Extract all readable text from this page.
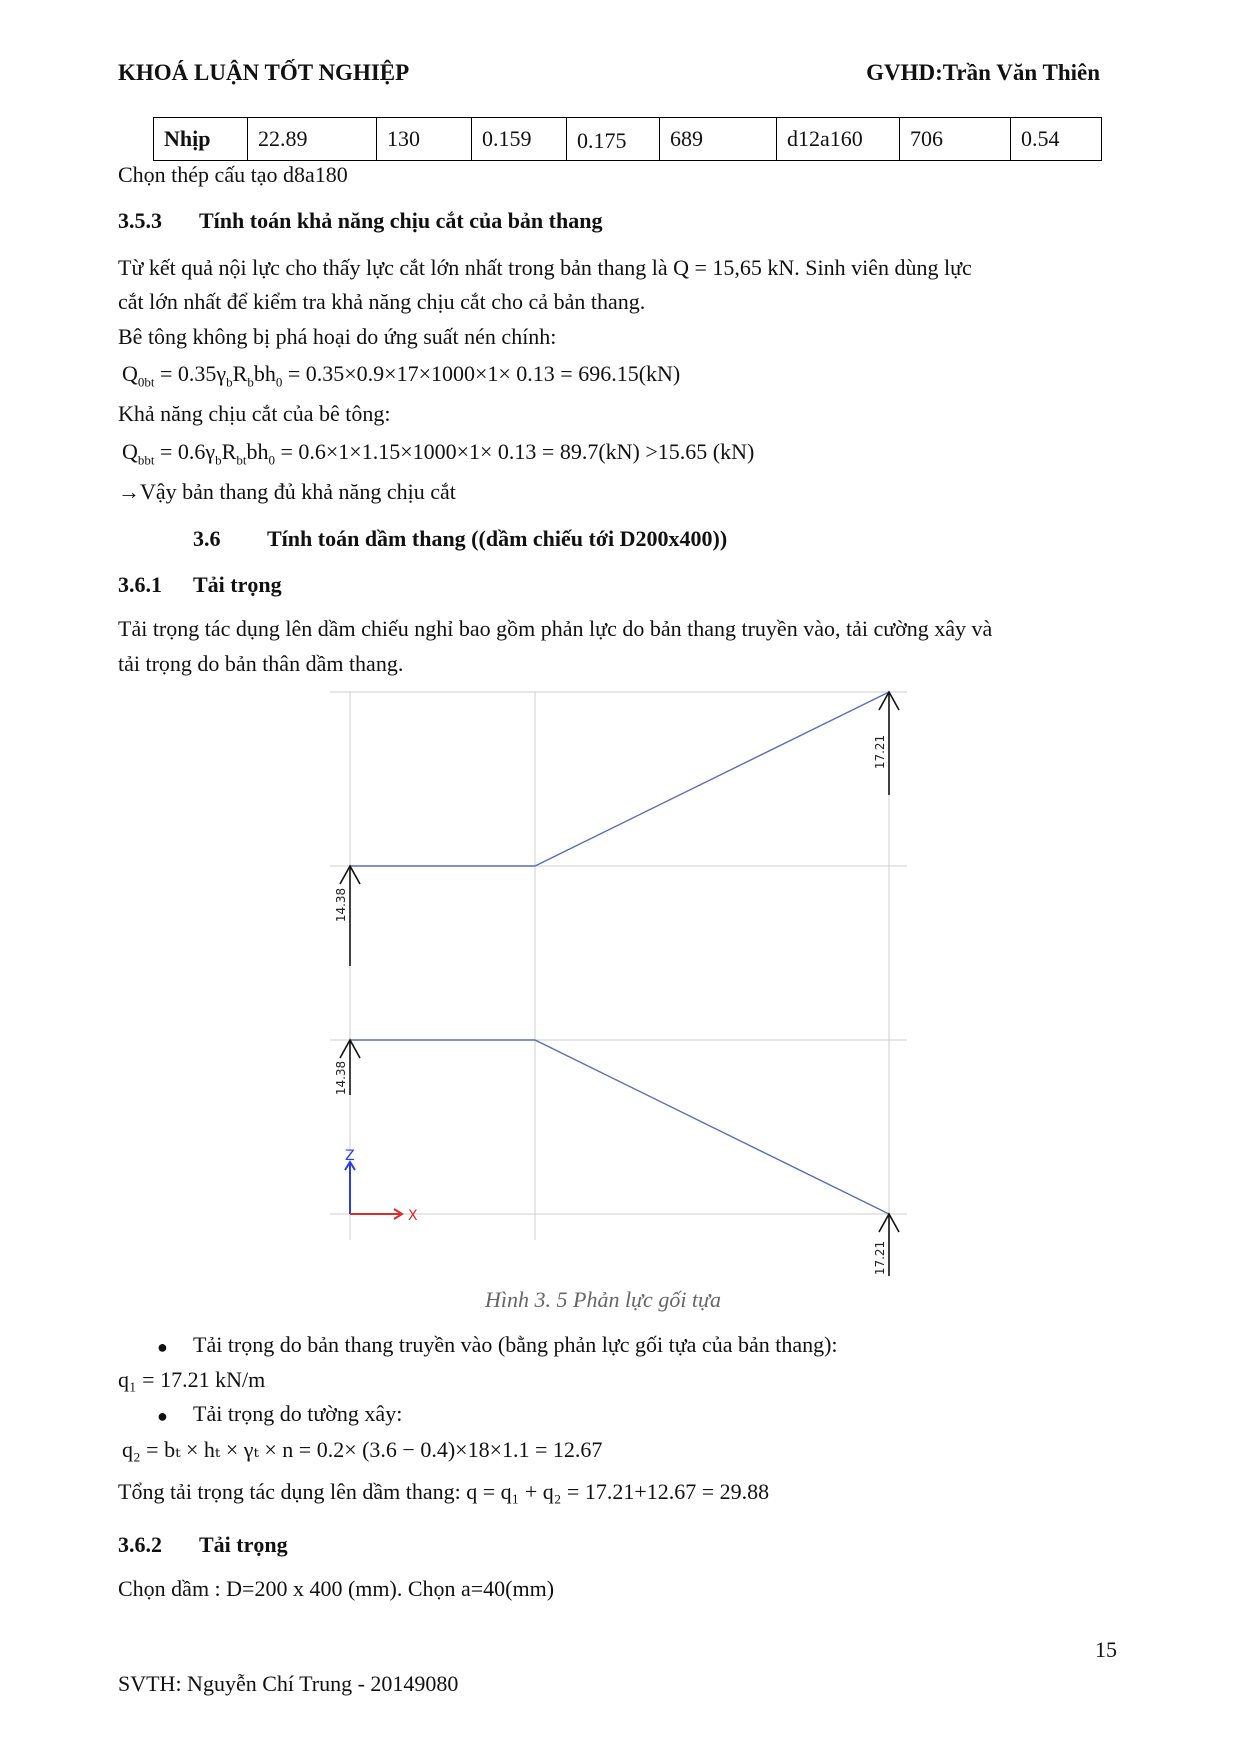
KHOÁ LUẬN TỐT NGHIỆP	GVHD:Trần Văn Thiên
Nhịp	22.89	130	0.159	0.175	689	d12a160	706	0.54
Chọn thép cấu tạo d8a180
3.5.3 Tính toán khả năng chịu cắt của bản thang
Từ kết quả nội lực cho thấy lực cắt lớn nhất trong bản thang là Q = 15,65 kN. Sinh viên dùng lực
cắt lớn nhất để kiểm tra khả năng chịu cắt cho cả bản thang.
Bê tông không bị phá hoại do ứng suất nén chính:
$Q_{0bt} = 0.35\gamma_bR_bbh_0 = 0.35\times 0.9\times 17\times 1000\times 1\times 0.13 = 696.15(kN)$
Khả năng chịu cắt của bê tông:
$Q_{bbt} = 0.6\gamma_bR_{bt}bh_0 = 0.6\times 1\times 1.15\times 1000\times 1\times 0.13 = 89.7(kN) >15.65$ (kN)
→Vậy bản thang đủ khả năng chịu cắt
3.6 Tính toán dầm thang ((dầm chiếu tới D200x400))
3.6.1 Tải trọng
Tải trọng tác dụng lên dầm chiếu nghỉ bao gồm phản lực do bản thang truyền vào, tải cường xây và
tải trọng do bản thân dầm thang.
17.21
14.38
14.38
17.21
Z
X
Hình 3. 5 Phản lực gối tựa
● Tải trọng do bản thang truyền vào (bằng phản lực gối tựa của bản thang):
q₁ = 17.21 kN/m
● Tải trọng do tường xây:
q₂ = bₜ × hₜ × γₜ × n = 0.2× (3.6 − 0.4)×18×1.1 = 12.67
Tổng tải trọng tác dụng lên dầm thang: q = q₁ + q₂ = 17.21+12.67 = 29.88
3.6.2 Tải trọng
Chọn dầm : D=200 x 400 (mm). Chọn a=40(mm)
15
SVTH: Nguyễn Chí Trung - 20149080
